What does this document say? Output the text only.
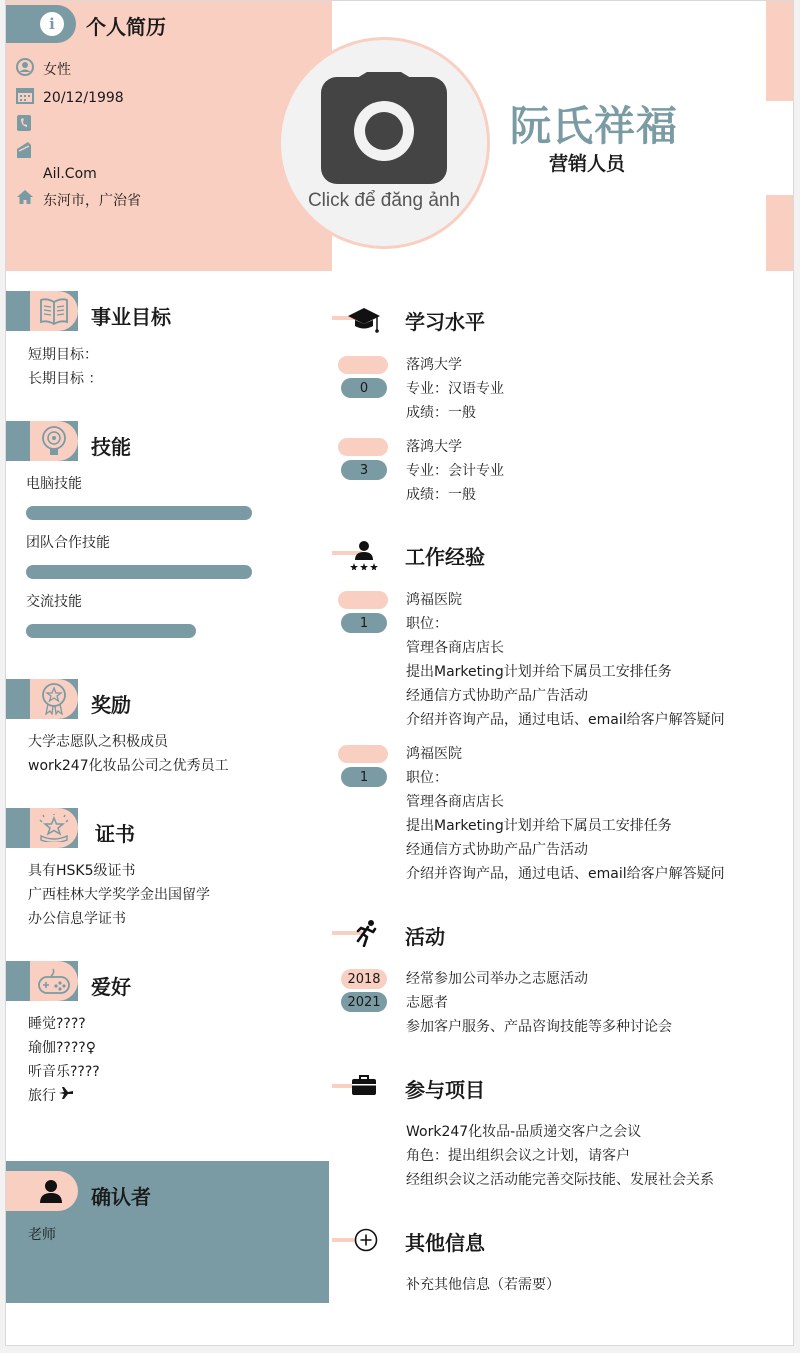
i 个人简历
女性
20/12/1998
Ail.Com
东河市，广治省	Click để đăng ảnh
阮氏祥福
营销人员
事业目标
短期目标：
长期目标 ：
技能
电脑技能
团队合作技能
交流技能
奖励
大学志愿队之积极成员
work247化妆品公司之优秀员工
证书
具有HSK5级证书
广西桂林大学奖学金出国留学
办公信息学证书
爱好
睡觉????
瑜伽????♀
听音乐????
旅行
确认者
老师
学习水平
0
落鸿大学
专业：汉语专业
成绩：一般
3
落鸿大学
专业：会计专业
成绩：一般
工作经验
1
鸿福医院
职位：
管理各商店店长
提出Marketing计划并给下属员工安排任务
经通信方式协助产品广告活动
介绍并咨询产品，通过电话、email给客户解答疑问
1
鸿福医院
职位：
管理各商店店长
提出Marketing计划并给下属员工安排任务
经通信方式协助产品广告活动
介绍并咨询产品，通过电话、email给客户解答疑问
活动
2018
2021
经常参加公司举办之志愿活动
志愿者
参加客户服务、产品咨询技能等多种讨论会
参与项目
Work247化妆品-品质递交客户之会议
角色：提出组织会议之计划，请客户
经组织会议之活动能完善交际技能、发展社会关系
其他信息
补充其他信息（若需要）
